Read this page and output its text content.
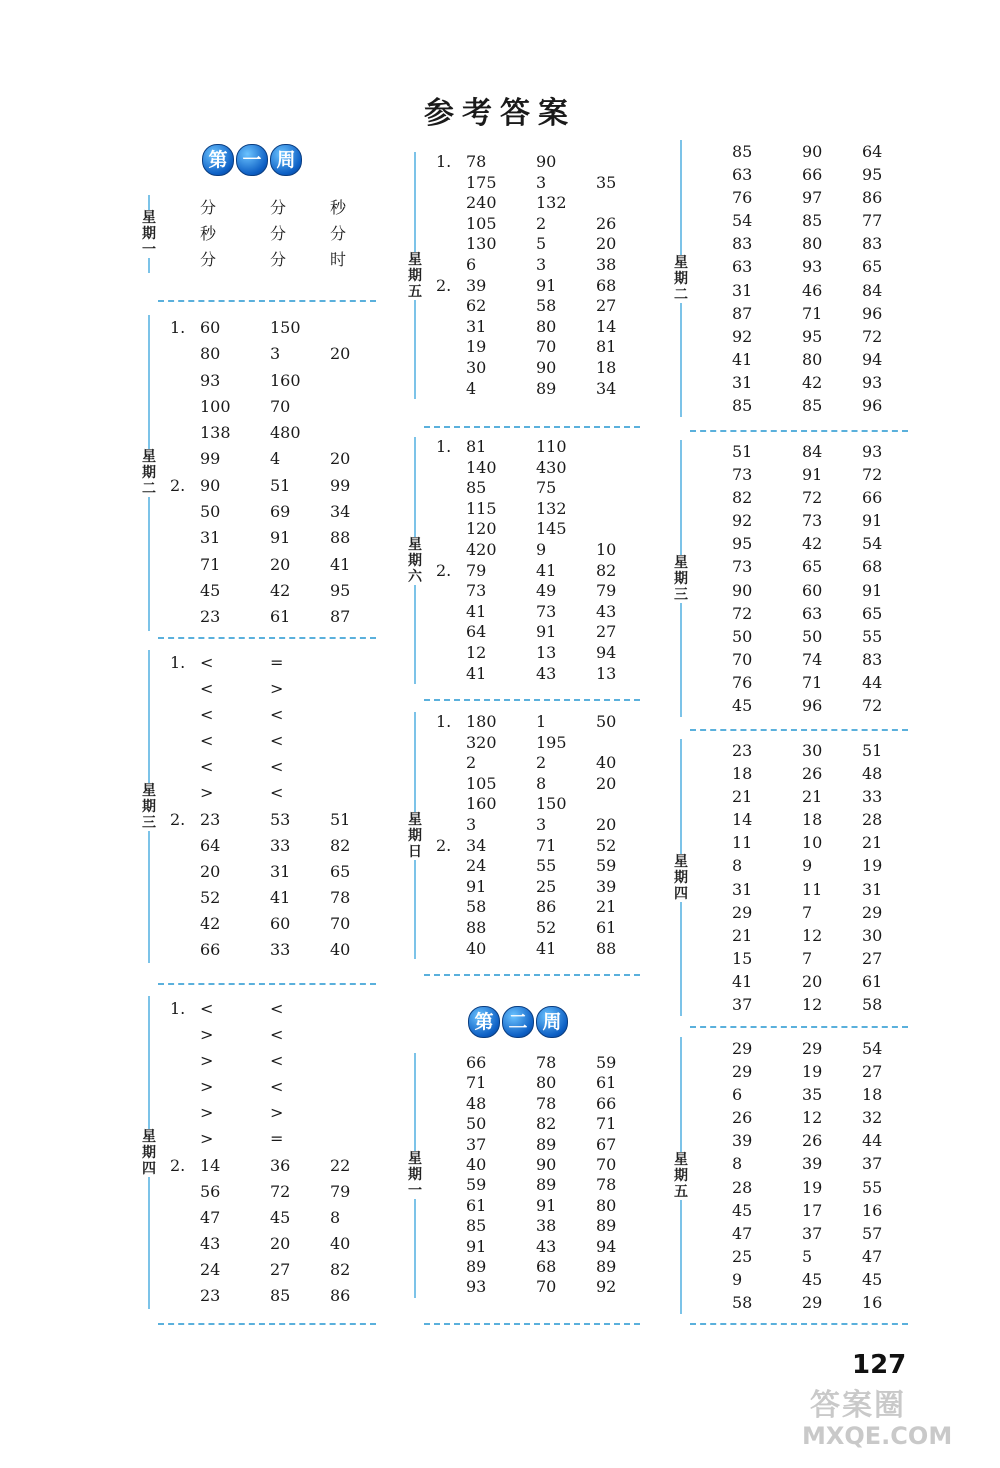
参考答案
第 一 周
星
期
一
分	分	秒
秒	分	分
分	分	时
星
期
二
1. 60	150
80	3	20
93	160
100 70
138 480
99	4	20
2. 90	51 99
50	69 34
31	91 88
71	20 41
45	42 95
23	61 87
星
期
三
1. <	=
<	>
<	<
<	<
<	<
>	<
2. 23	53 51
64	33 82
20	31 65
52	41 78
42	60 70
66	33 40
星
期
四
1. <	<
>	<
>	<
>	<
>	>
>	=
2. 14	36 22
56	72 79
47	45 8
43	20 40
24	27 82
23	85 86
星
期
五
1. 78	90
175 3	35
240 132
105 2	26
130 5	20
6	3	38
2. 39	91 68
62	58 27
31	80 14
19	70 81
30	90 18
4	89 34
星
期
六
1. 81	110
140 430
85	75
115 132
120 145
420 9	10
2. 79	41 82
73	49 79
41	73 43
64	91 27
12	13 94
41	43 13
星
期
日
1. 180 1	50
320 195
2	2	40
105 8	20
160 150
3	3	20
2. 34	71 52
24	55 59
91	25 39
58	86 21
88	52 61
40	41 88
第 二 周
星
期
一
66	78 59
71	80 61
48	78 66
50	82 71
37	89 67
40	90 70
59	89 78
61	91 80
85	38 89
91	43 94
89	68 89
93	70 92
星
期
二
85	90 64
63	66 95
76	97 86
54	85 77
83	80 83
63	93 65
31	46 84
87	71 96
92	95 72
41	80 94
31	42 93
85	85 96
星
期
三
51	84 93
73	91 72
82	72 66
92	73 91
95	42 54
73	65 68
90	60 91
72	63 65
50	50 55
70	74 83
76	71 44
45	96 72
星
期
四
23	30 51
18	26 48
21	21 33
14	18 28
11	10 21
8	9	19
31	11 31
29	7	29
21	12 30
15	7	27
41	20 61
37	12 58
星
期
五
29	29 54
29	19 27
6	35 18
26	12 32
39	26 44
8	39 37
28	19 55
45	17 16
47	37 57
25	5	47
9	45 45
58	29 16
127
答案圈
MXQE.COM
